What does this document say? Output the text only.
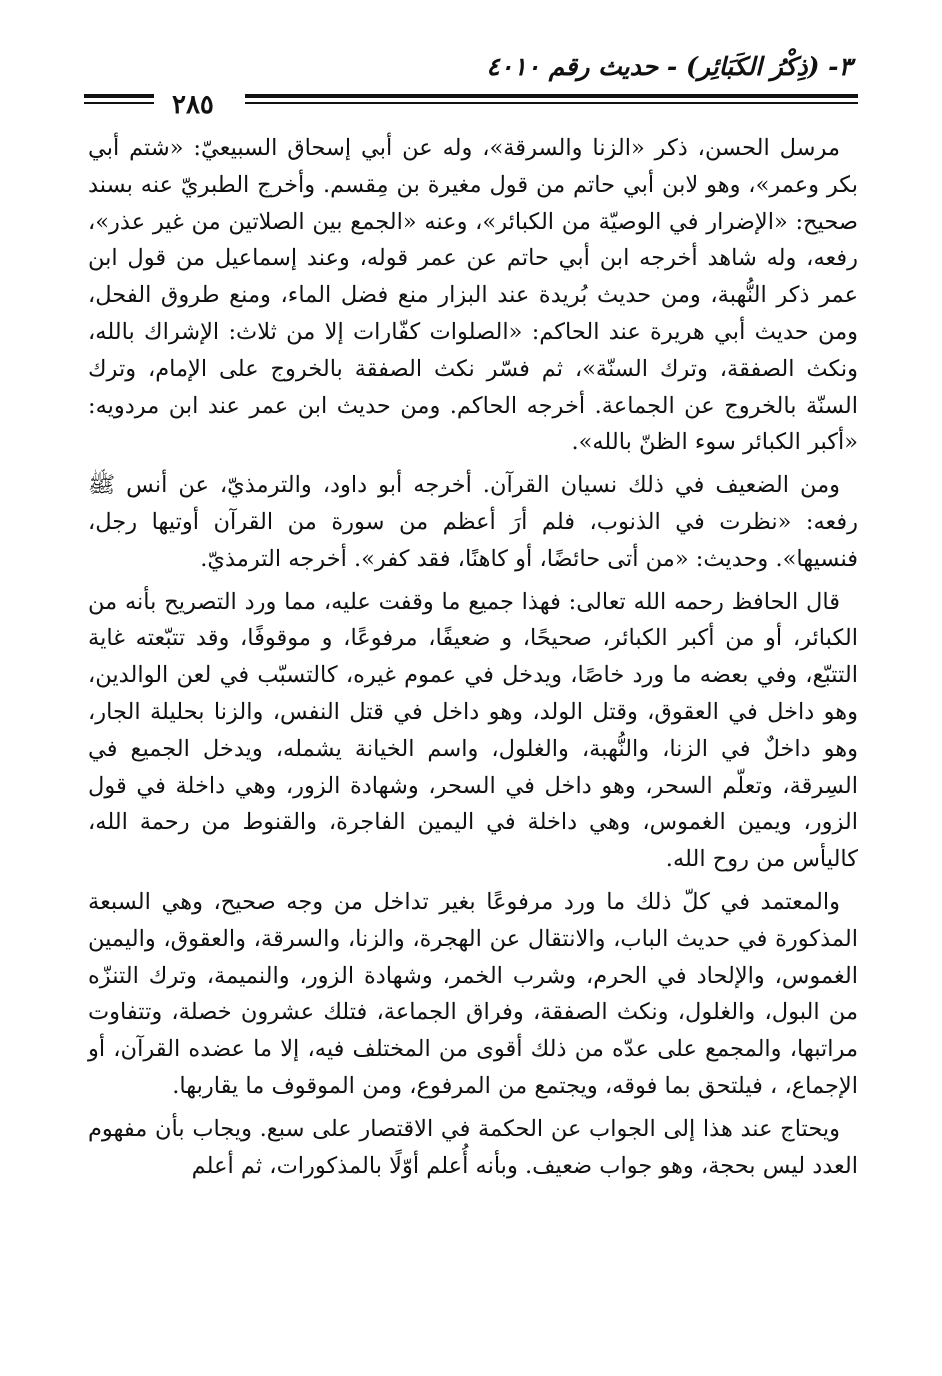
٣- (ذِكْرُ الكَبَائِر) - حديث رقم ٤٠١٠
٢٨٥

مرسل الحسن، ذكر «الزنا والسرقة»، وله عن أبي إسحاق السبيعيّ: «شتم أبي بكر وعمر»، وهو لابن أبي حاتم من قول مغيرة بن مِقسم. وأخرج الطبريّ عنه بسند صحيح: «الإضرار في الوصيّة من الكبائر»، وعنه «الجمع بين الصلاتين من غير عذر»، رفعه، وله شاهد أخرجه ابن أبي حاتم عن عمر قوله، وعند إسماعيل من قول ابن عمر ذكر النُّهبة، ومن حديث بُريدة عند البزار منع فضل الماء، ومنع طروق الفحل، ومن حديث أبي هريرة عند الحاكم: «الصلوات كفّارات إلا من ثلاث: الإشراك بالله، ونكث الصفقة، وترك السنّة»، ثم فسّر نكث الصفقة بالخروج على الإمام، وترك السنّة بالخروج عن الجماعة. أخرجه الحاكم. ومن حديث ابن عمر عند ابن مردويه: «أكبر الكبائر سوء الظنّ بالله».

ومن الضعيف في ذلك نسيان القرآن. أخرجه أبو داود، والترمذيّ، عن أنس ﷺ رفعه: «نظرت في الذنوب، فلم أرَ أعظم من سورة من القرآن أوتيها رجل، فنسيها». وحديث: «من أتى حائضًا، أو كاهنًا، فقد كفر». أخرجه الترمذيّ.

قال الحافظ رحمه الله تعالى: فهذا جميع ما وقفت عليه، مما ورد التصريح بأنه من الكبائر، أو من أكبر الكبائر، صحيحًا، و ضعيفًا، مرفوعًا، و موقوفًا، وقد تتبّعته غاية التتبّع، وفي بعضه ما ورد خاصًا، ويدخل في عموم غيره، كالتسبّب في لعن الوالدين، وهو داخل في العقوق، وقتل الولد، وهو داخل في قتل النفس، والزنا بحليلة الجار، وهو داخلٌ في الزنا، والنُّهبة، والغلول، واسم الخيانة يشمله، ويدخل الجميع في السِرقة، وتعلّم السحر، وهو داخل في السحر، وشهادة الزور، وهي داخلة في قول الزور، ويمين الغموس، وهي داخلة في اليمين الفاجرة، والقنوط من رحمة الله، كاليأس من روح الله.

والمعتمد في كلّ ذلك ما ورد مرفوعًا بغير تداخل من وجه صحيح، وهي السبعة المذكورة في حديث الباب، والانتقال عن الهجرة، والزنا، والسرقة، والعقوق، واليمين الغموس، والإلحاد في الحرم، وشرب الخمر، وشهادة الزور، والنميمة، وترك التنزّه من البول، والغلول، ونكث الصفقة، وفراق الجماعة، فتلك عشرون خصلة، وتتفاوت مراتبها، والمجمع على عدّه من ذلك أقوى من المختلف فيه، إلا ما عضده القرآن، أو الإجماع، ، فيلتحق بما فوقه، ويجتمع من المرفوع، ومن الموقوف ما يقاربها.

ويحتاج عند هذا إلى الجواب عن الحكمة في الاقتصار على سبع. ويجاب بأن مفهوم العدد ليس بحجة، وهو جواب ضعيف. وبأنه أُعلم أوّلًا بالمذكورات، ثم أعلم
